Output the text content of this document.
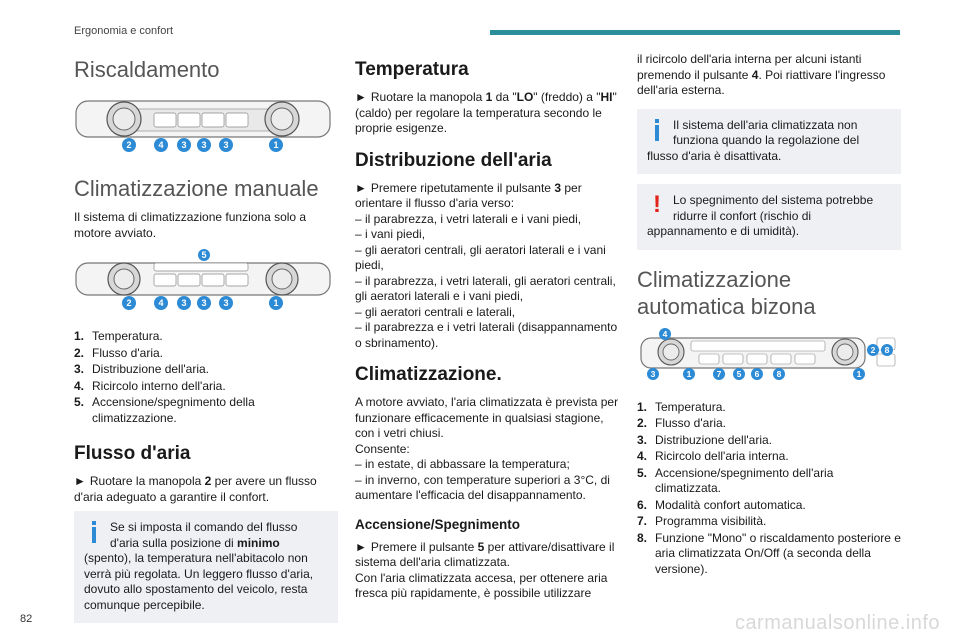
Ergonomia e confort
Riscaldamento
2	4 3 3 3	1
Climatizzazione manuale

Il sistema di climatizzazione funziona solo a motore avviato.

5
2	4 3 3 3	1
1. Temperatura.
2. Flusso d'aria.
3. Distribuzione dell'aria.
4. Ricircolo interno dell'aria.
5. Accensione/spegnimento della climatizzazione.
Flusso d'aria

► Ruotare la manopola 2 per avere un flusso d'aria adeguato a garantire il confort.

Se si imposta il comando del flusso d'aria sulla posizione di minimo (spento), la temperatura nell'abitacolo non verrà più regolata. Un leggero flusso d'aria, dovuto allo spostamento del veicolo, resta comunque percepibile.
Temperatura

► Ruotare la manopola 1 da "LO" (freddo) a "HI" (caldo) per regolare la temperatura secondo le proprie esigenze.

Distribuzione dell'aria

► Premere ripetutamente il pulsante 3 per orientare il flusso d'aria verso:

– il parabrezza, i vetri laterali e i vani piedi,
– i vani piedi,
– gli aeratori centrali, gli aeratori laterali e i vani piedi,
– il parabrezza, i vetri laterali, gli aeratori centrali, gli aeratori laterali e i vani piedi,
– gli aeratori centrali e laterali,
– il parabrezza e i vetri laterali (disappannamento o sbrinamento).
Climatizzazione.

A motore avviato, l'aria climatizzata è prevista per funzionare efficacemente in qualsiasi stagione, con i vetri chiusi.

Consente:
– in estate, di abbassare la temperatura;
– in inverno, con temperature superiori a 3°C, di aumentare l'efficacia del disappannamento.
Accensione/Spegnimento

► Premere il pulsante 5 per attivare/disattivare il sistema dell'aria climatizzata.

Con l'aria climatizzata accesa, per ottenere aria fresca più rapidamente, è possibile utilizzare

il ricircolo dell'aria interna per alcuni istanti premendo il pulsante 4. Poi riattivare l'ingresso dell'aria esterna.

Il sistema dell'aria climatizzata non funziona quando la regolazione del flusso d'aria è disattivata.
!	Lo spegnimento del sistema potrebbe ridurre il confort (rischio di appannamento e di umidità).
Climatizzazione automatica bizona
4
2 8
3	1	7 5 6 8	1
1. Temperatura.
2. Flusso d'aria.
3. Distribuzione dell'aria.
4. Ricircolo dell'aria interna.
5. Accensione/spegnimento dell'aria climatizzata.
6. Modalità confort automatica.
7. Programma visibilità.
8. Funzione "Mono" o riscaldamento posteriore e aria climatizzata On/Off (a seconda della versione).
82	carmanualsonline.info
